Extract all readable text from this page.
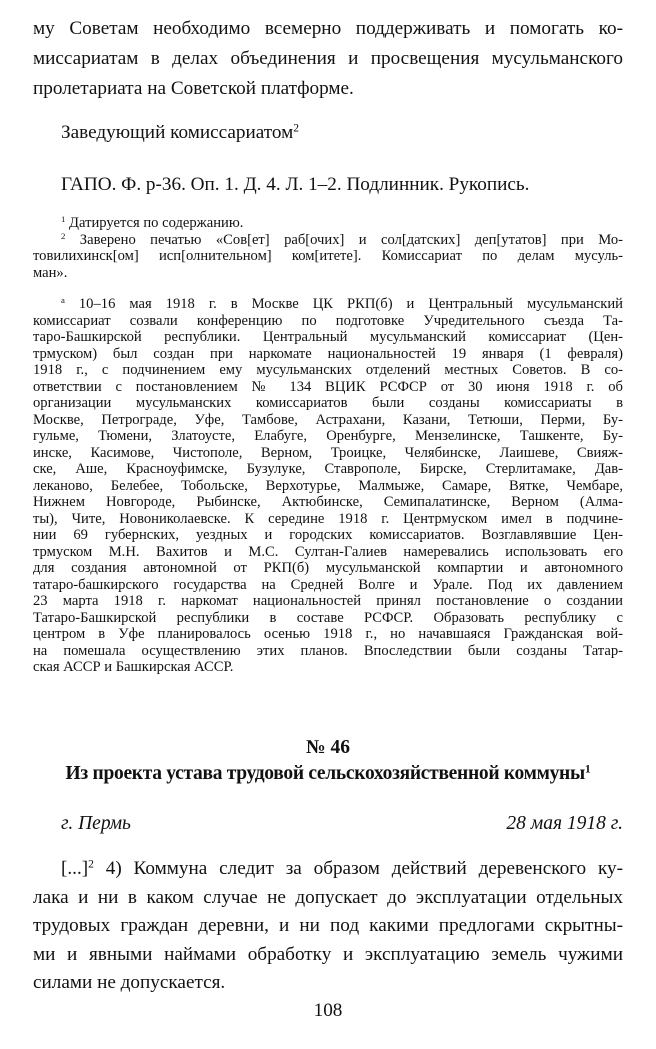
му Советам необходимо всемерно поддерживать и помогать ко-
миссариатам в делах объединения и просвещения мусульманского
пролетариата на Советской платформе.

Заведующий комиссариатом$^2$

ГАПО. Ф. р-36. Оп. 1. Д. 4. Л. 1–2. Подлинник. Рукопись.

$^1$ Датируется по содержанию.
$^2$ Заверено печатью «Сов[ет] раб[очих] и сол[датских] деп[утатов] при Мо-
товилихинск[ом] исп[олнительном] ком[итете]. Комиссариат по делам мусуль-
ман».
$^а$ 10–16 мая 1918 г. в Москве ЦК РКП(б) и Центральный мусульманский
комиссариат созвали конференцию по подготовке Учредительного съезда Та-
таро-Башкирской республики. Центральный мусульманский комиссариат (Цен-
трмуском) был создан при наркомате национальностей 19 января (1 февраля)
1918 г., с подчинением ему мусульманских отделений местных Советов. В со-
ответствии с постановлением № 134 ВЦИК РСФСР от 30 июня 1918 г. об
организации мусульманских комиссариатов были созданы комиссариаты в
Москве, Петрограде, Уфе, Тамбове, Астрахани, Казани, Тетюши, Перми, Бу-
гульме, Тюмени, Златоусте, Елабуге, Оренбурге, Мензелинске, Ташкенте, Бу-
инске, Касимове, Чистополе, Верном, Троицке, Челябинске, Лаишеве, Свияж-
ске, Аше, Красноуфимске, Бузулуке, Ставрополе, Бирске, Стерлитамаке, Дав-
леканово, Белебее, Тобольске, Верхотурье, Малмыже, Самаре, Вятке, Чембаре,
Нижнем Новгороде, Рыбинске, Актюбинске, Семипалатинске, Верном (Алма-
ты), Чите, Новониколаевске. К середине 1918 г. Центрмуском имел в подчине-
нии 69 губернских, уездных и городских комиссариатов. Возглавлявшие Цен-
трмуском М.Н. Вахитов и М.С. Султан-Галиев намеревались использовать его
для создания автономной от РКП(б) мусульманской компартии и автономного
татаро-башкирского государства на Средней Волге и Урале. Под их давлением
23 марта 1918 г. наркомат национальностей принял постановление о создании
Татаро-Башкирской республики в составе РСФСР. Образовать республику с
центром в Уфе планировалось осенью 1918 г., но начавшаяся Гражданская вой-
на помешала осуществлению этих планов. Впоследствии были созданы Татар-
ская АССР и Башкирская АССР.

№ 46

Из проекта устава трудовой сельскохозяйственной коммуны$^1$

г. Пермь	28 мая 1918 г.

[...]$^2$ 4) Коммуна следит за образом действий деревенского ку-
лака и ни в каком случае не допускает до эксплуатации отдельных
трудовых граждан деревни, и ни под какими предлогами скрытны-
ми и явными наймами обработку и эксплуатацию земель чужими
силами не допускается.

108
